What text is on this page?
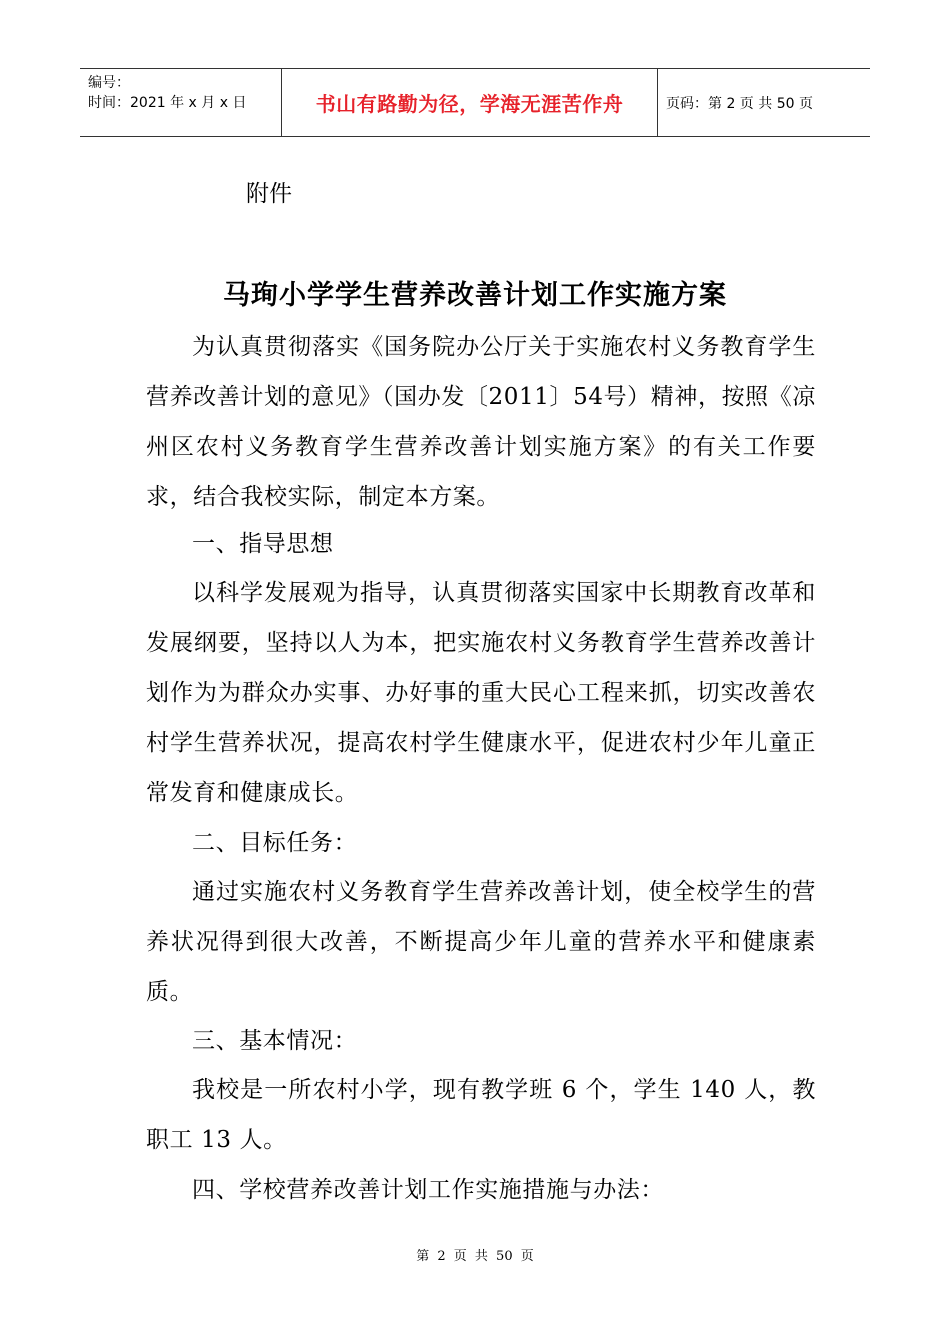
编号：
时间：2021 年 x 月 x 日	书山有路勤为径，学海无涯苦作舟	页码：第 2 页 共 50 页
附件
马珣小学学生营养改善计划工作实施方案

为认真贯彻落实《国务院办公厅关于实施农村义务教育学生营养改善计划的意见》（国办发〔2011〕54号）精神，按照《凉州区农村义务教育学生营养改善计划实施方案》的有关工作要求，结合我校实际，制定本方案。

一、指导思想

以科学发展观为指导，认真贯彻落实国家中长期教育改革和发展纲要，坚持以人为本，把实施农村义务教育学生营养改善计划作为为群众办实事、办好事的重大民心工程来抓，切实改善农村学生营养状况，提高农村学生健康水平，促进农村少年儿童正常发育和健康成长。

二、目标任务：

通过实施农村义务教育学生营养改善计划，使全校学生的营养状况得到很大改善，不断提高少年儿童的营养水平和健康素质。

三、基本情况：

我校是一所农村小学，现有教学班 6 个，学生 140 人，教职工 13 人。

四、学校营养改善计划工作实施措施与办法：
第 2 页 共 50 页
